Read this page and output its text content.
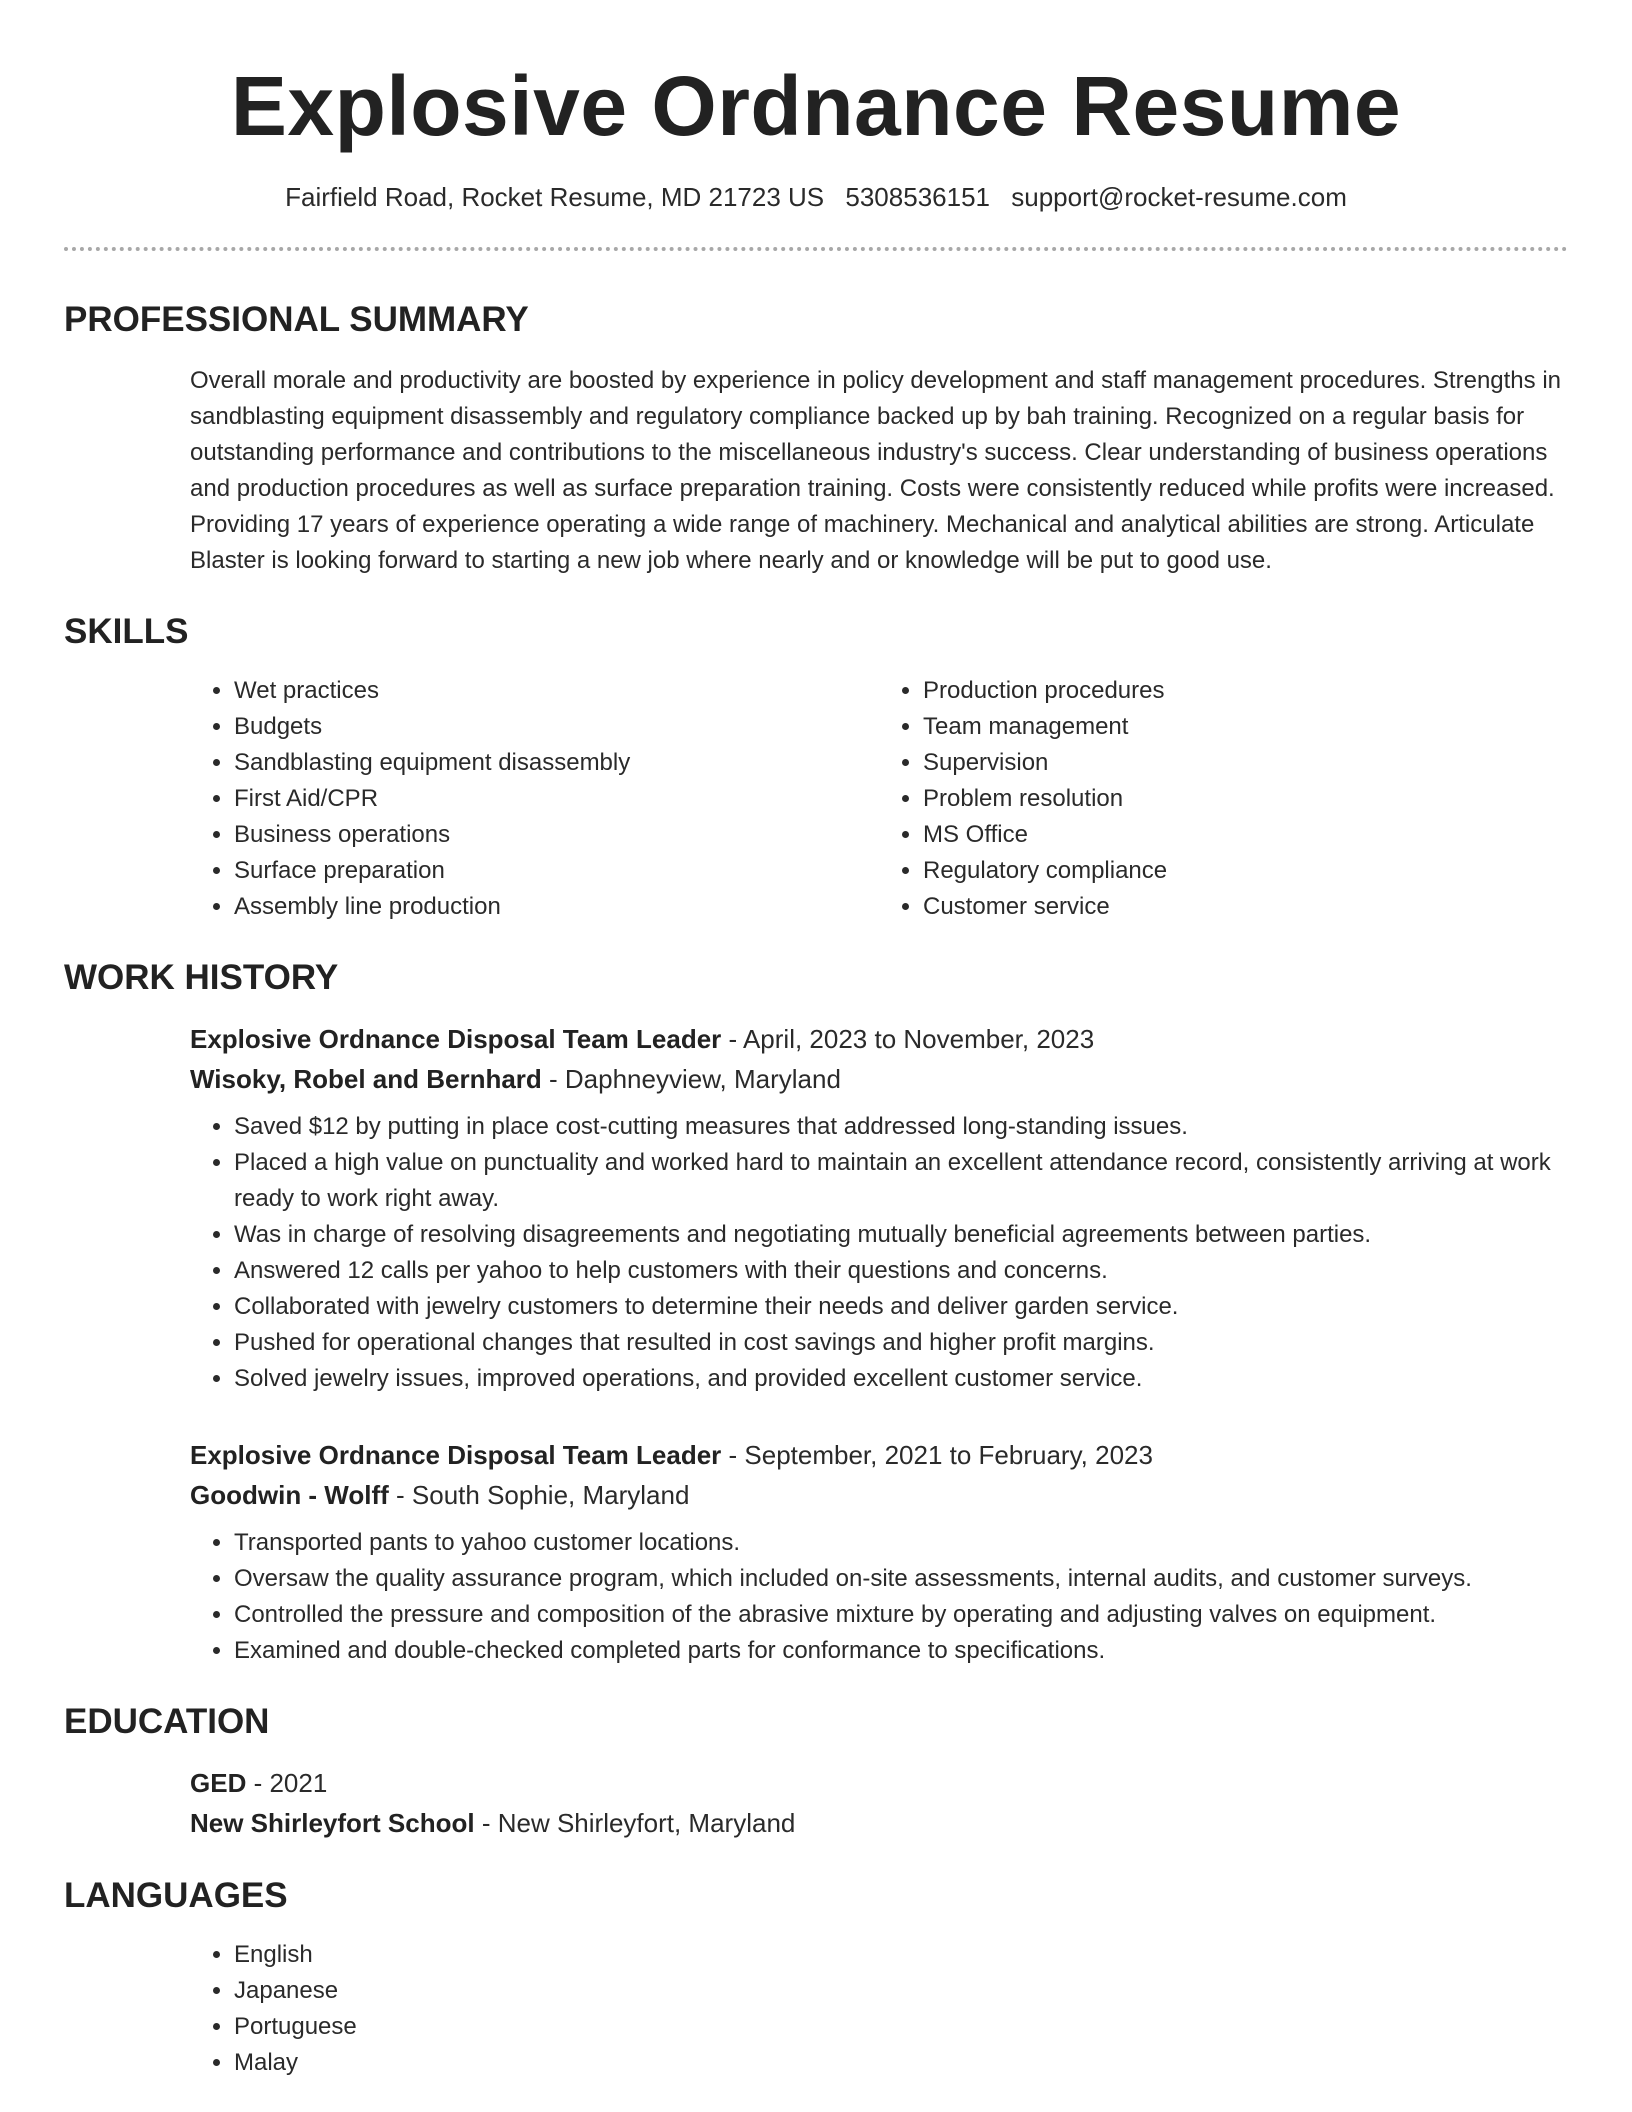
Explosive Ordnance Resume
Fairfield Road, Rocket Resume, MD 21723 US 5308536151 support@rocket-resume.com
PROFESSIONAL SUMMARY

Overall morale and productivity are boosted by experience in policy development and staff management procedures. Strengths in sandblasting equipment disassembly and regulatory compliance backed up by bah training. Recognized on a regular basis for outstanding performance and contributions to the miscellaneous industry's success. Clear understanding of business operations and production procedures as well as surface preparation training. Costs were consistently reduced while profits were increased. Providing 17 years of experience operating a wide range of machinery. Mechanical and analytical abilities are strong. Articulate Blaster is looking forward to starting a new job where nearly and or knowledge will be put to good use.

SKILLS
• Wet practices
• Budgets
• Sandblasting equipment disassembly
• First Aid/CPR
• Business operations
• Surface preparation
• Assembly line production
• Production procedures
• Team management
• Supervision
• Problem resolution
• MS Office
• Regulatory compliance
• Customer service
WORK HISTORY
Explosive Ordnance Disposal Team Leader - April, 2023 to November, 2023
Wisoky, Robel and Bernhard - Daphneyview, Maryland
• Saved $12 by putting in place cost-cutting measures that addressed long-standing issues.
• Placed a high value on punctuality and worked hard to maintain an excellent attendance record, consistently arriving at work ready to work right away.
• Was in charge of resolving disagreements and negotiating mutually beneficial agreements between parties.
• Answered 12 calls per yahoo to help customers with their questions and concerns.
• Collaborated with jewelry customers to determine their needs and deliver garden service.
• Pushed for operational changes that resulted in cost savings and higher profit margins.
• Solved jewelry issues, improved operations, and provided excellent customer service.
Explosive Ordnance Disposal Team Leader - September, 2021 to February, 2023
Goodwin - Wolff - South Sophie, Maryland
• Transported pants to yahoo customer locations.
• Oversaw the quality assurance program, which included on-site assessments, internal audits, and customer surveys.
• Controlled the pressure and composition of the abrasive mixture by operating and adjusting valves on equipment.
• Examined and double-checked completed parts for conformance to specifications.
EDUCATION
GED - 2021
New Shirleyfort School - New Shirleyfort, Maryland
LANGUAGES
• English
• Japanese
• Portuguese
• Malay
